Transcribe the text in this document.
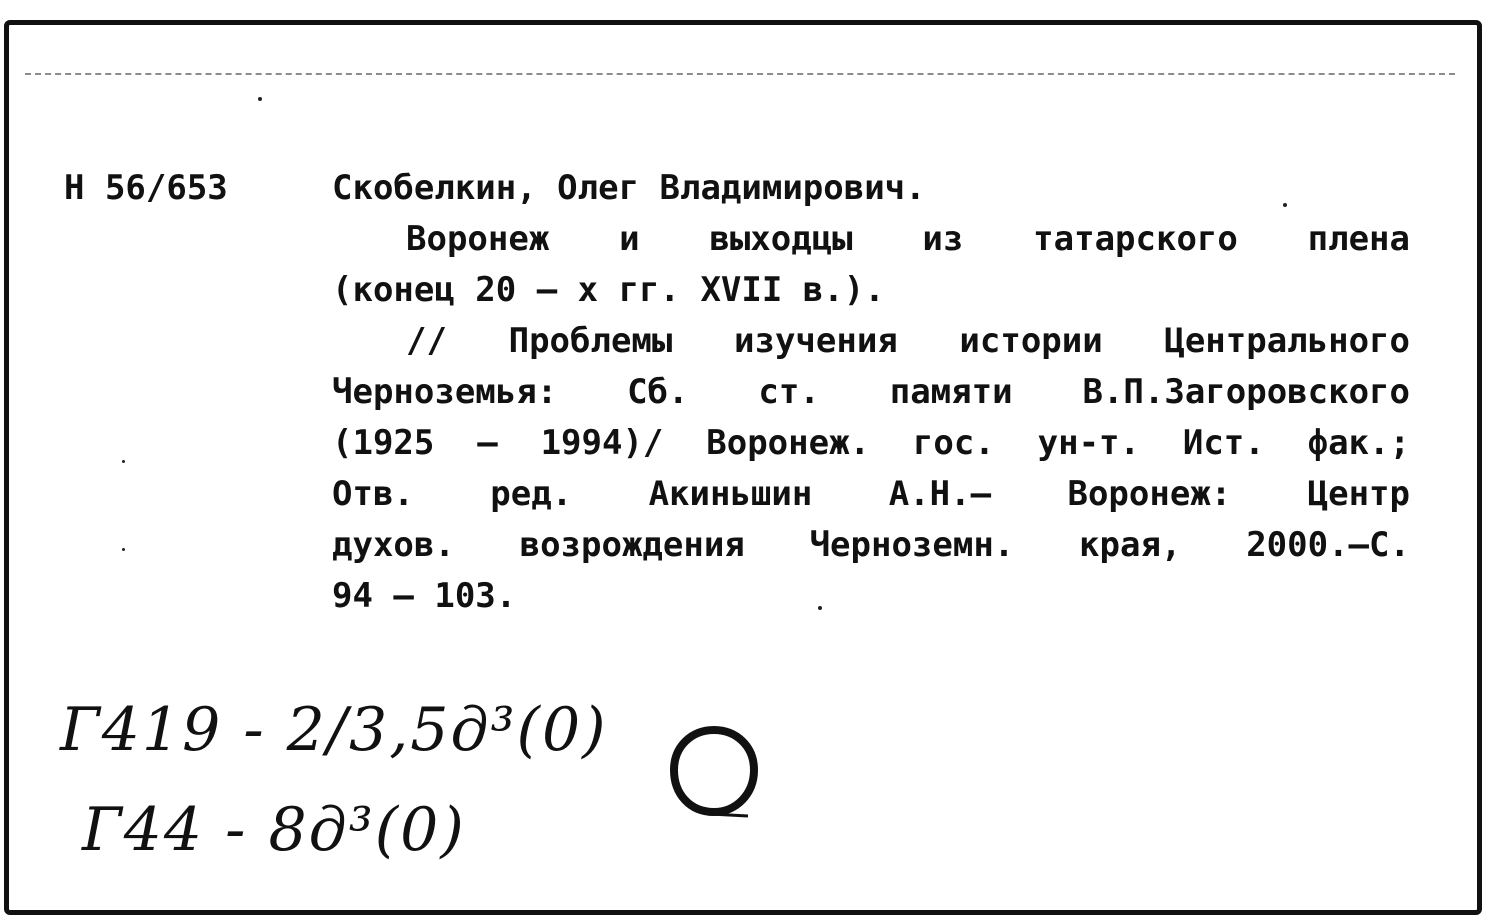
Н 56/653	Скобелкин, Олег Владимирович.
Воронеж и выходцы из татарского плена
(конец 20 – х гг. XVII в.).
// Проблемы изучения истории Центрального
Черноземья: Сб. ст. памяти В.П.Загоровского
(1925 – 1994)/ Воронеж. гос. ун-т. Ист. фак.;
Отв. ред. Акиньшин А.Н.– Воронеж: Центр
духов. возрождения Черноземн. края, 2000.–С.
94 – 103.
Г419 - 2/3,5д³(0)
Г44 - 8д³(0)
